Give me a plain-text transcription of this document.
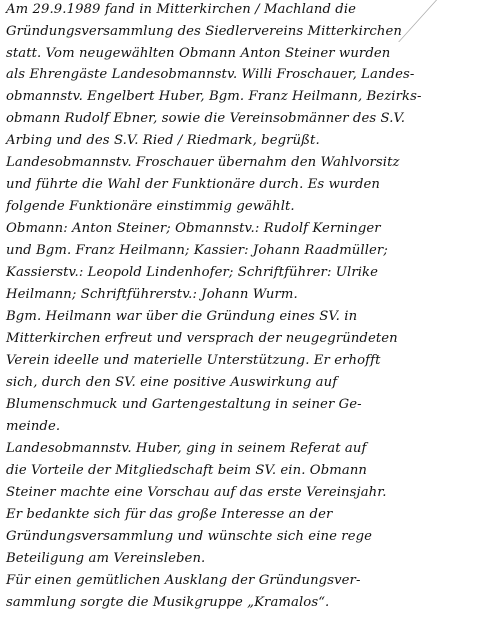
Am 29.9.1989 fand in Mitterkirchen / Machland die
Gründungsversammlung des Siedlervereins Mitterkirchen
statt. Vom neugewählten Obmann Anton Steiner wurden
als Ehrengäste Landesobmannstv. Willi Froschauer, Landes-
obmannstv. Engelbert Huber, Bgm. Franz Heilmann, Bezirks-
obmann Rudolf Ebner, sowie die Vereinsobmänner des S.V.
Arbing und des S.V. Ried / Riedmark, begrüßt.
Landesobmannstv. Froschauer übernahm den Wahlvorsitz
und führte die Wahl der Funktionäre durch. Es wurden
folgende Funktionäre einstimmig gewählt.
Obmann: Anton Steiner; Obmannstv.: Rudolf Kerninger
und Bgm. Franz Heilmann; Kassier: Johann Raadmüller;
Kassierstv.: Leopold Lindenhofer; Schriftführer: Ulrike
Heilmann; Schriftführerstv.: Johann Wurm.
Bgm. Heilmann war über die Gründung eines SV. in
Mitterkirchen erfreut und versprach der neugegründeten
Verein ideelle und materielle Unterstützung. Er erhofft
sich, durch den SV. eine positive Auswirkung auf
Blumenschmuck und Gartengestaltung in seiner Ge-
meinde.
Landesobmannstv. Huber, ging in seinem Referat auf
die Vorteile der Mitgliedschaft beim SV. ein. Obmann
Steiner machte eine Vorschau auf das erste Vereinsjahr.
Er bedankte sich für das große Interesse an der
Gründungsversammlung und wünschte sich eine rege
Beteiligung am Vereinsleben.
Für einen gemütlichen Ausklang der Gründungsver-
sammlung sorgte die Musikgruppe „Kramalos“.
